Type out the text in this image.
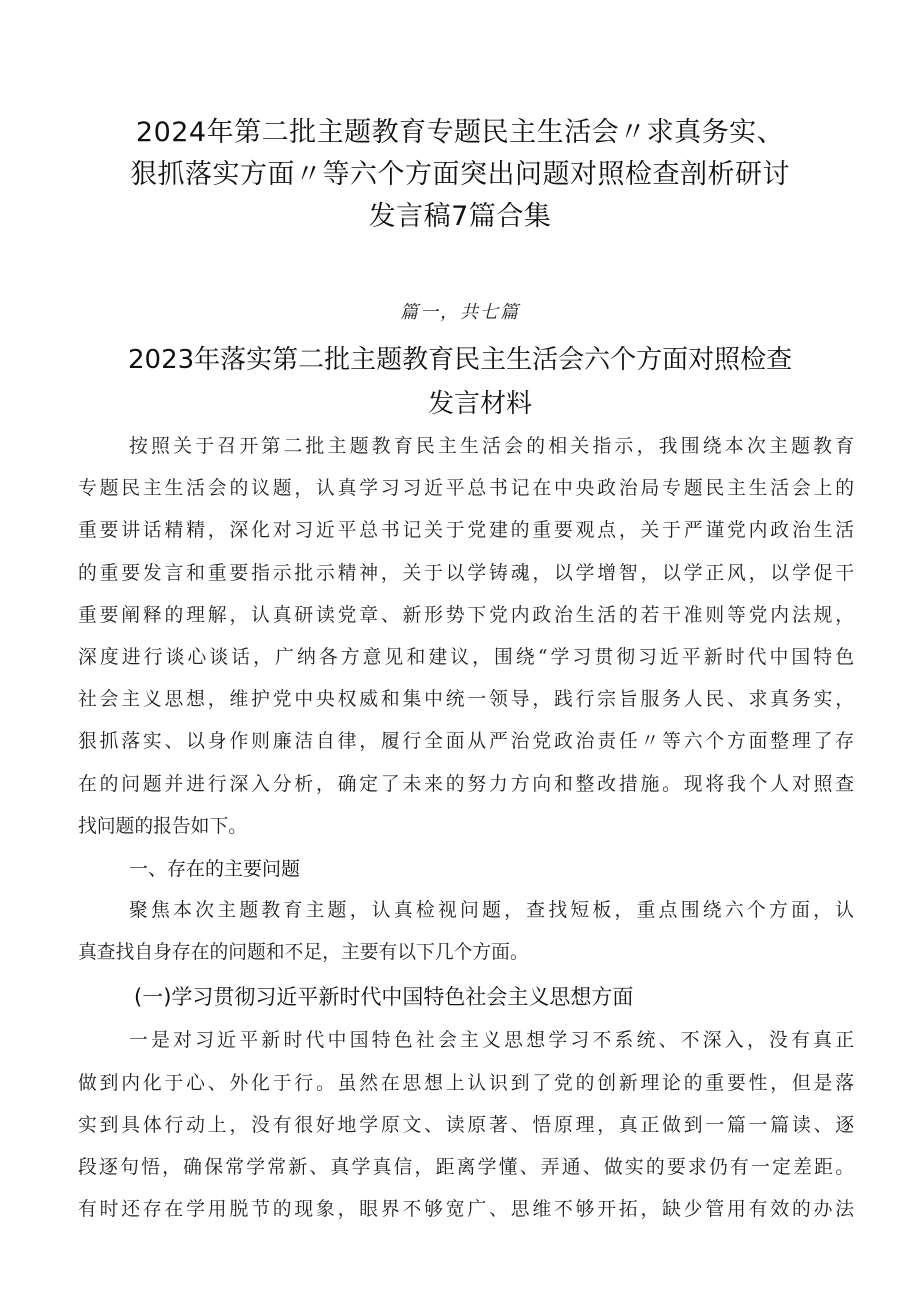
2024年第二批主题教育专题民主生活会〃求真务实、
狠抓落实方面〃等六个方面突出问题对照检查剖析研讨
发言稿7篇合集
篇一，共七篇
2023年落实第二批主题教育民主生活会六个方面对照检查
发言材料
按照关于召开第二批主题教育民主生活会的相关指示，我围绕本次主题教育
专题民主生活会的议题，认真学习习近平总书记在中央政治局专题民主生活会上的
重要讲话精精，深化对习近平总书记关于党建的重要观点，关于严谨党内政治生活
的重要发言和重要指示批示精神，关于以学铸魂，以学增智，以学正风，以学促干
重要阐释的理解，认真研读党章、新形势下党内政治生活的若干准则等党内法规，
深度进行谈心谈话，广纳各方意见和建议，围绕“学习贯彻习近平新时代中国特色
社会主义思想，维护党中央权威和集中统一领导，践行宗旨服务人民、求真务实，
狠抓落实、以身作则廉洁自律，履行全面从严治党政治责任〃等六个方面整理了存
在的问题并进行深入分析，确定了未来的努力方向和整改措施。现将我个人对照查
找问题的报告如下。
一、存在的主要问题
聚焦本次主题教育主题，认真检视问题，查找短板，重点围绕六个方面，认
真查找自身存在的问题和不足，主要有以下几个方面。
(一)学习贯彻习近平新时代中国特色社会主义思想方面
一是对习近平新时代中国特色社会主义思想学习不系统、不深入，没有真正
做到内化于心、外化于行。虽然在思想上认识到了党的创新理论的重要性，但是落
实到具体行动上，没有很好地学原文、读原著、悟原理，真正做到一篇一篇读、逐
段逐句悟，确保常学常新、真学真信，距离学懂、弄通、做实的要求仍有一定差距。
有时还存在学用脱节的现象，眼界不够宽广、思维不够开拓，缺少管用有效的办法
